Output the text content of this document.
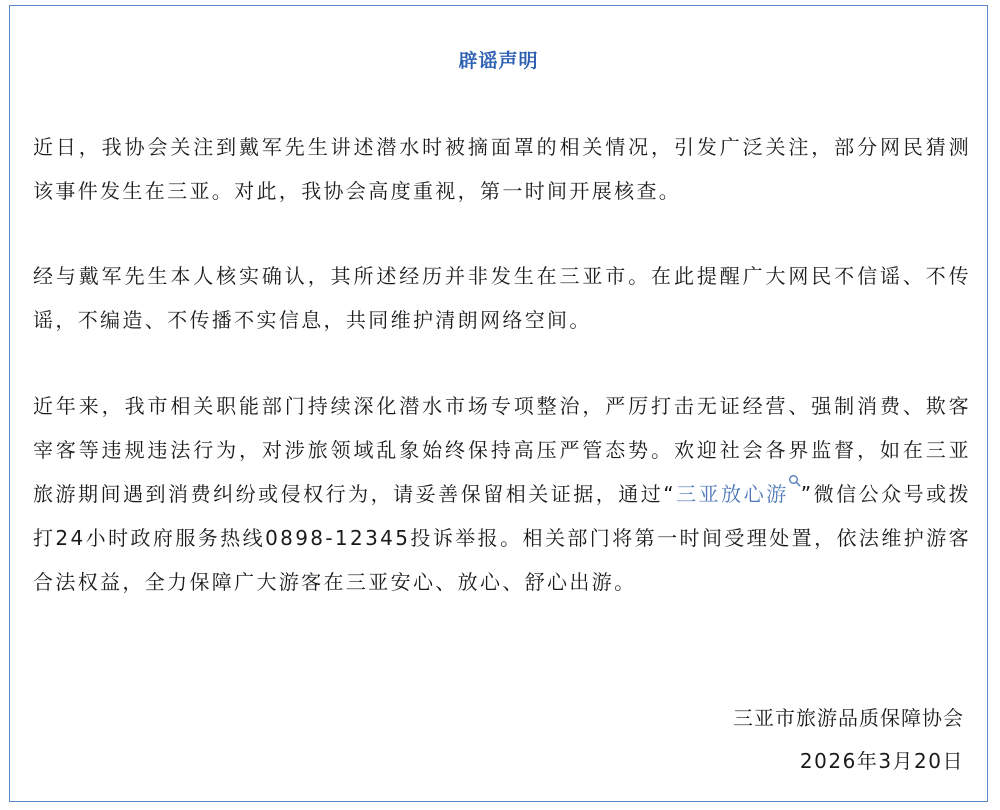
辟谣声明

近日，我协会关注到戴军先生讲述潜水时被摘面罩的相关情况，引发广泛关注，部分网民猜测该事件发生在三亚。对此，我协会高度重视，第一时间开展核查。

经与戴军先生本人核实确认，其所述经历并非发生在三亚市。在此提醒广大网民不信谣、不传谣，不编造、不传播不实信息，共同维护清朗网络空间。

近年来，我市相关职能部门持续深化潜水市场专项整治，严厉打击无证经营、强制消费、欺客宰客等违规违法行为，对涉旅领域乱象始终保持高压严管态势。欢迎社会各界监督，如在三亚旅游期间遇到消费纠纷或侵权行为，请妥善保留相关证据，通过“三亚放心游 ”微信公众号或拨打24小时政府服务热线0898-12345投诉举报。相关部门将第一时间受理处置，依法维护游客合法权益，全力保障广大游客在三亚安心、放心、舒心出游。

三亚市旅游品质保障协会
2026年3月20日
